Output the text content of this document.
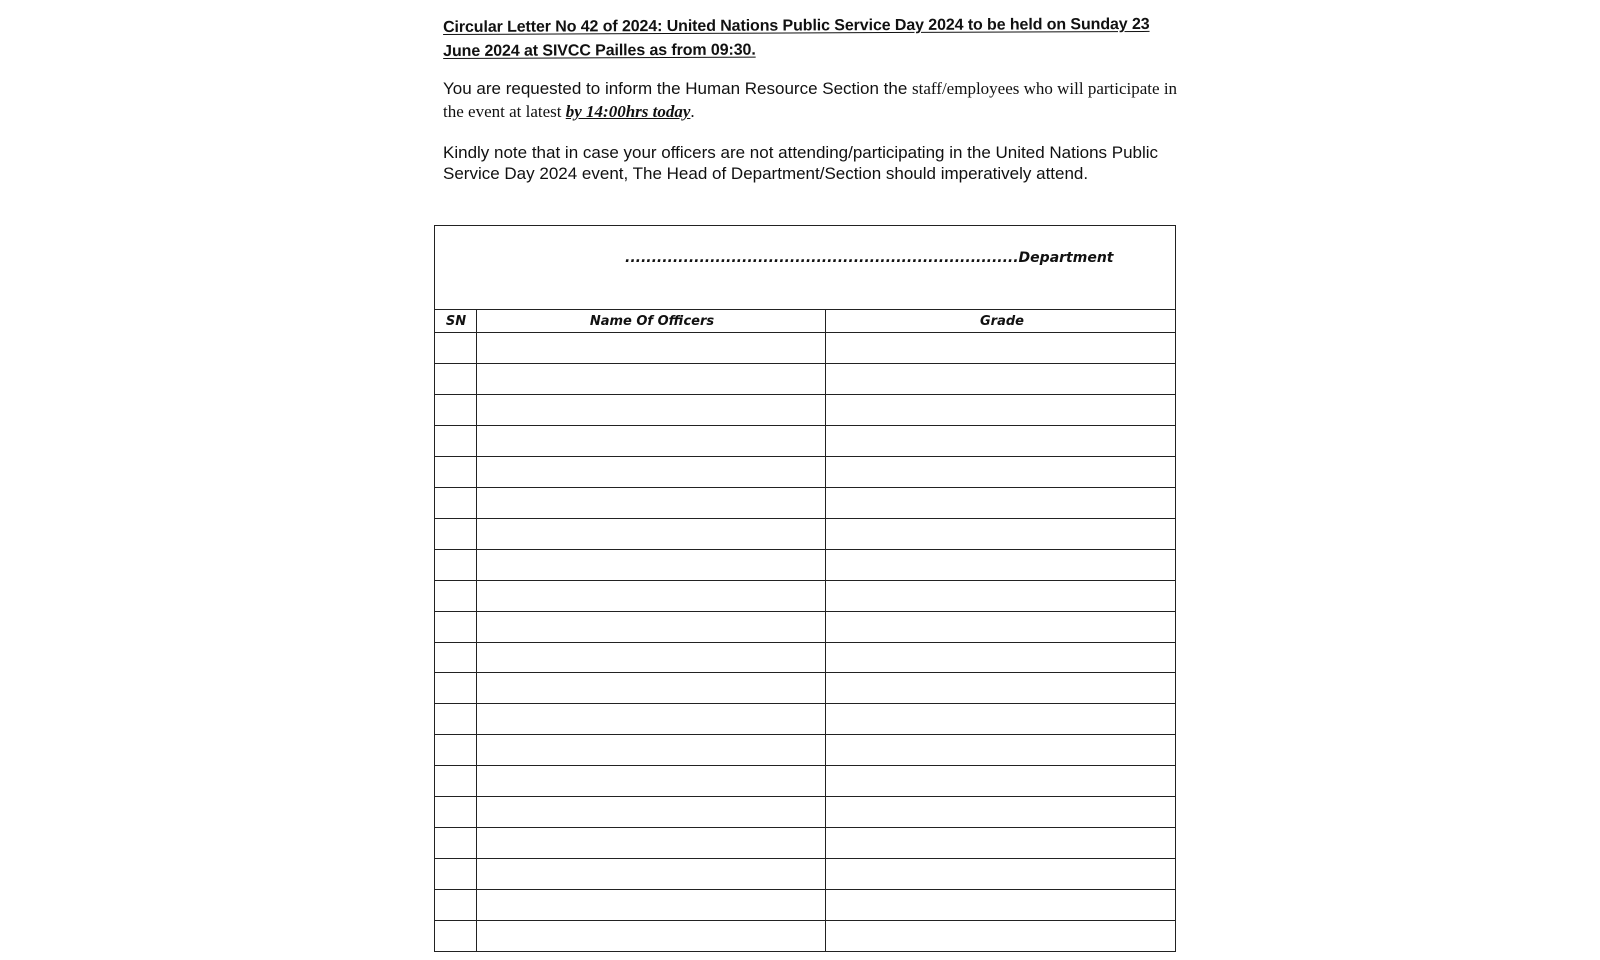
Circular Letter No 42 of 2024: United Nations Public Service Day 2024 to be held on Sunday 23 June 2024 at SIVCC Pailles as from 09:30.
You are requested to inform the Human Resource Section the staff/employees who will participate in the event at latest by 14:00hrs today.
Kindly note that in case your officers are not attending/participating in the United Nations Public Service Day 2024 event, The Head of Department/Section should imperatively attend.
..........................................................................Department
SN	Name Of Officers	Grade
